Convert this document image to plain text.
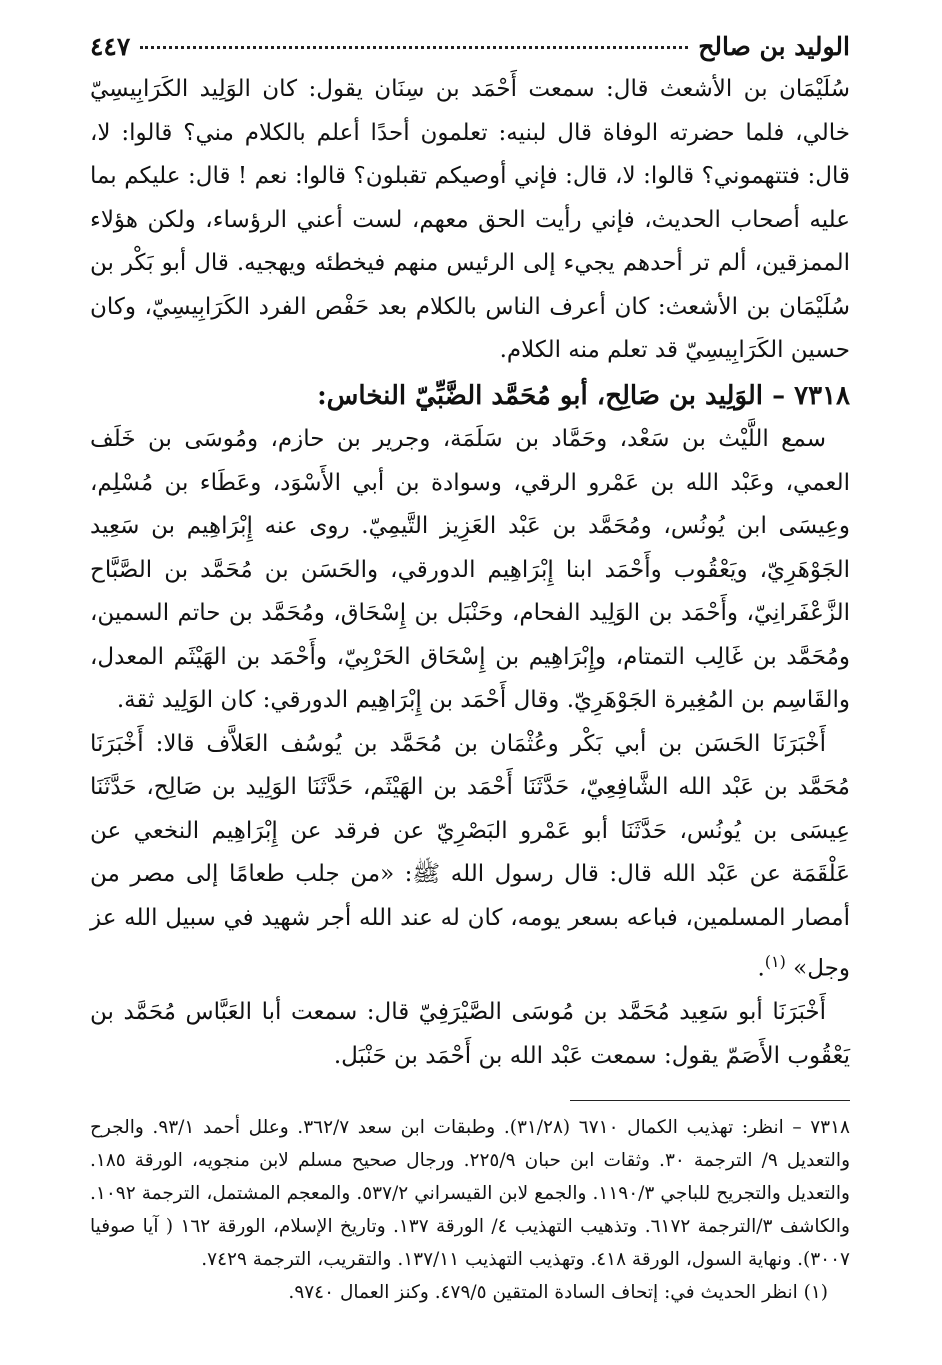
الوليد بن صالح
٤٤٧

سُلَيْمَان بن الأشعث قال: سمعت أَحْمَد بن سِنَان يقول: كان الوَلِيد الكَرَابِيسِيّ خالي، فلما حضرته الوفاة قال لبنيه: تعلمون أحدًا أعلم بالكلام مني؟ قالوا: لا، قال: فتتهموني؟ قالوا: لا، قال: فإني أوصيكم تقبلون؟ قالوا: نعم ! قال: عليكم بما عليه أصحاب الحديث، فإني رأيت الحق معهم، لست أعني الرؤساء، ولكن هؤلاء الممزقين، ألم تر أحدهم يجيء إلى الرئيس منهم فيخطئه ويهجيه. قال أبو بَكْر بن سُلَيْمَان بن الأشعث: كان أعرف الناس بالكلام بعد حَفْص الفرد الكَرَابِيسِيّ، وكان حسين الكَرَابِيسِيّ قد تعلم منه الكلام.

٧٣١٨ – الوَلِيد بن صَالِح، أبو مُحَمَّد الضَّبِّيّ النخاس:

سمع اللَّيْث بن سَعْد، وحَمَّاد بن سَلَمَة، وجرير بن حازم، ومُوسَى بن خَلَف العمي، وعَبْد الله بن عَمْرو الرقي، وسوادة بن أبي الأَسْوَد، وعَطَاء بن مُسْلِم، وعِيسَى ابن يُونُس، ومُحَمَّد بن عَبْد العَزِيز التَّيمِيّ. روى عنه إِبْرَاهِيم بن سَعِيد الجَوْهَرِيّ، ويَعْقُوب وأَحْمَد ابنا إِبْرَاهِيم الدورقي، والحَسَن بن مُحَمَّد بن الصَّبَّاح الزَّعْفَرانِيّ، وأَحْمَد بن الوَلِيد الفحام، وحَنْبَل بن إِسْحَاق، ومُحَمَّد بن حاتم السمين، ومُحَمَّد بن غَالِب التمتام، وإِبْرَاهِيم بن إِسْحَاق الحَرْبِيّ، وأَحْمَد بن الهَيْثَم المعدل، والقَاسِم بن المُغِيرة الجَوْهَرِيّ. وقال أَحْمَد بن إِبْرَاهِيم الدورقي: كان الوَلِيد ثقة.

أَخْبَرَنَا الحَسَن بن أبي بَكْر وعُثْمَان بن مُحَمَّد بن يُوسُف العَلاَّف قالا: أَخْبَرَنَا مُحَمَّد بن عَبْد الله الشَّافِعِيّ، حَدَّثَنَا أَحْمَد بن الهَيْثَم، حَدَّثَنَا الوَلِيد بن صَالِح، حَدَّثَنَا عِيسَى بن يُونُس، حَدَّثَنَا أبو عَمْرو البَصْرِيّ عن فرقد عن إِبْرَاهِيم النخعي عن عَلْقَمَة عن عَبْد الله قال: قال رسول الله ﷺ: «من جلب طعامًا إلى مصر من أمصار المسلمين، فباعه بسعر يومه، كان له عند الله أجر شهيد في سبيل الله عز وجل» $^{(١)}$.

أَخْبَرَنَا أبو سَعِيد مُحَمَّد بن مُوسَى الصَّيْرَفِيّ قال: سمعت أبا العَبَّاس مُحَمَّد بن يَعْقُوب الأَصَمّ يقول: سمعت عَبْد الله بن أَحْمَد بن حَنْبَل.

٧٣١٨ – انظر: تهذيب الكمال ٦٧١٠ (٣١/٢٨). وطبقات ابن سعد ٣٦٢/٧. وعلل أحمد ٩٣/١. والجرح والتعديل ٩/ الترجمة ٣٠. وثقات ابن حبان ٢٢٥/٩. ورجال صحيح مسلم لابن منجويه، الورقة ١٨٥. والتعديل والتجريح للباجي ١١٩٠/٣. والجمع لابن القيسراني ٥٣٧/٢. والمعجم المشتمل، الترجمة ١٠٩٢. والكاشف ٣/الترجمة ٦١٧٢. وتذهيب التهذيب ٤/ الورقة ١٣٧. وتاريخ الإسلام، الورقة ١٦٢ ( آيا صوفيا ٣٠٠٧). ونهاية السول، الورقة ٤١٨. وتهذيب التهذيب ١٣٧/١١. والتقريب، الترجمة ٧٤٢٩.

(١) انظر الحديث في: إتحاف السادة المتقين ٤٧٩/٥. وكنز العمال ٩٧٤٠.
